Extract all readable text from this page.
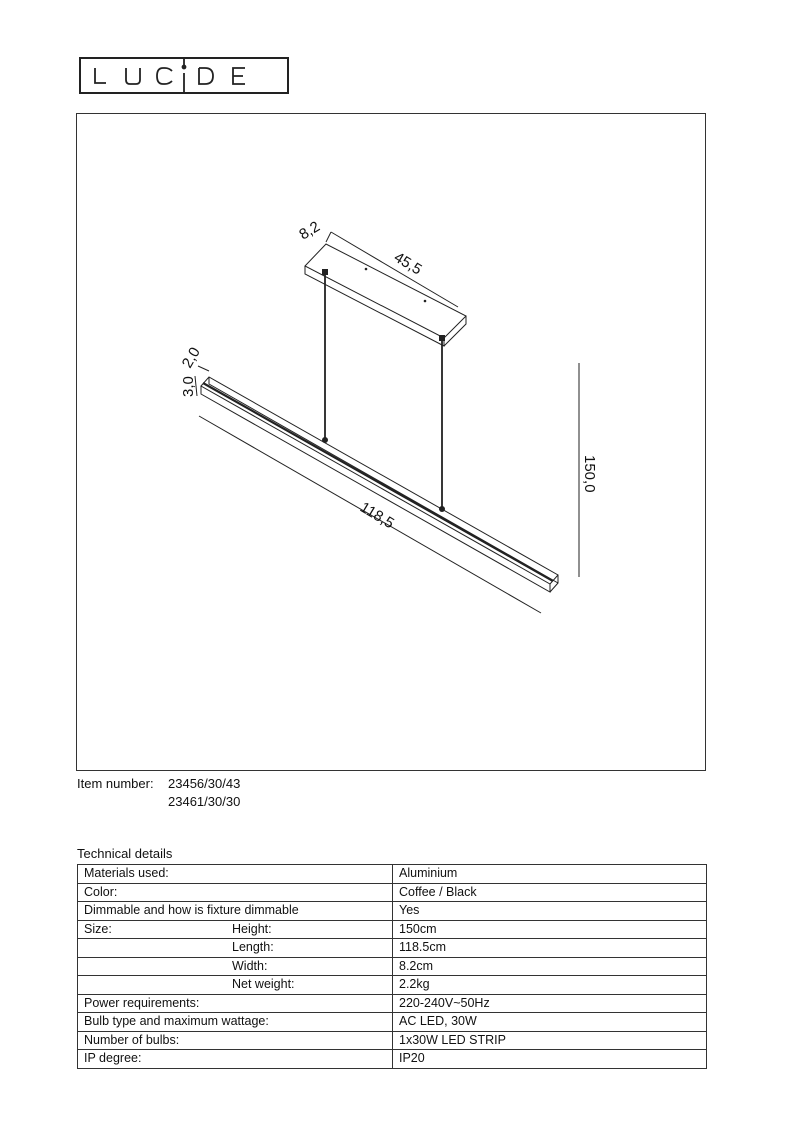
8,2
45,5
2,0
3,0
118,5
150,0
Item number: 23456/30/43
23461/30/30
Technical details
Materials used:	Aluminium
Color:	Coffee / Black
Dimmable and how is fixture dimmable	Yes
Size: Height:	150cm
Length:	118.5cm
Width:	8.2cm
Net weight:	2.2kg
Power requirements:	220-240V~50Hz
Bulb type and maximum wattage:	AC LED, 30W
Number of bulbs:	1x30W LED STRIP
IP degree:	IP20
